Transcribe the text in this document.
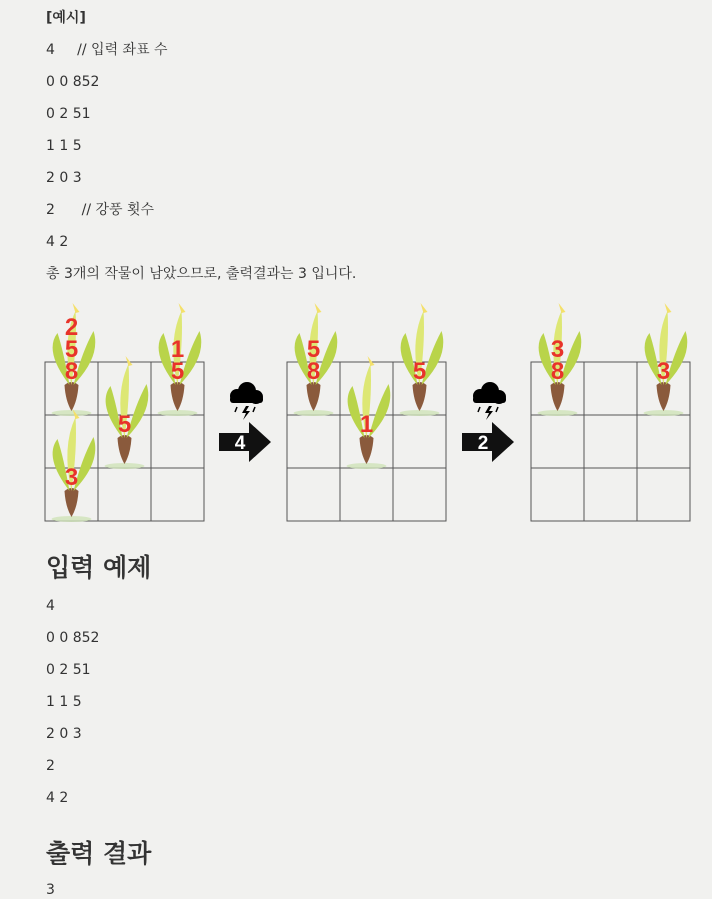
[예시]
4     // 입력 좌표 수
0 0 852
0 2 51
1 1 5
2 0 3
2      // 강풍 횟수
4 2
총 3개의 작물이 남았으므로, 출력결과는 3 입니다.
2
5
8
1
5
5
3
5
8	5
1
3
8	3
4	2
입력 예제
4
0 0 852
0 2 51
1 1 5
2 0 3
2
4 2
출력 결과
3
